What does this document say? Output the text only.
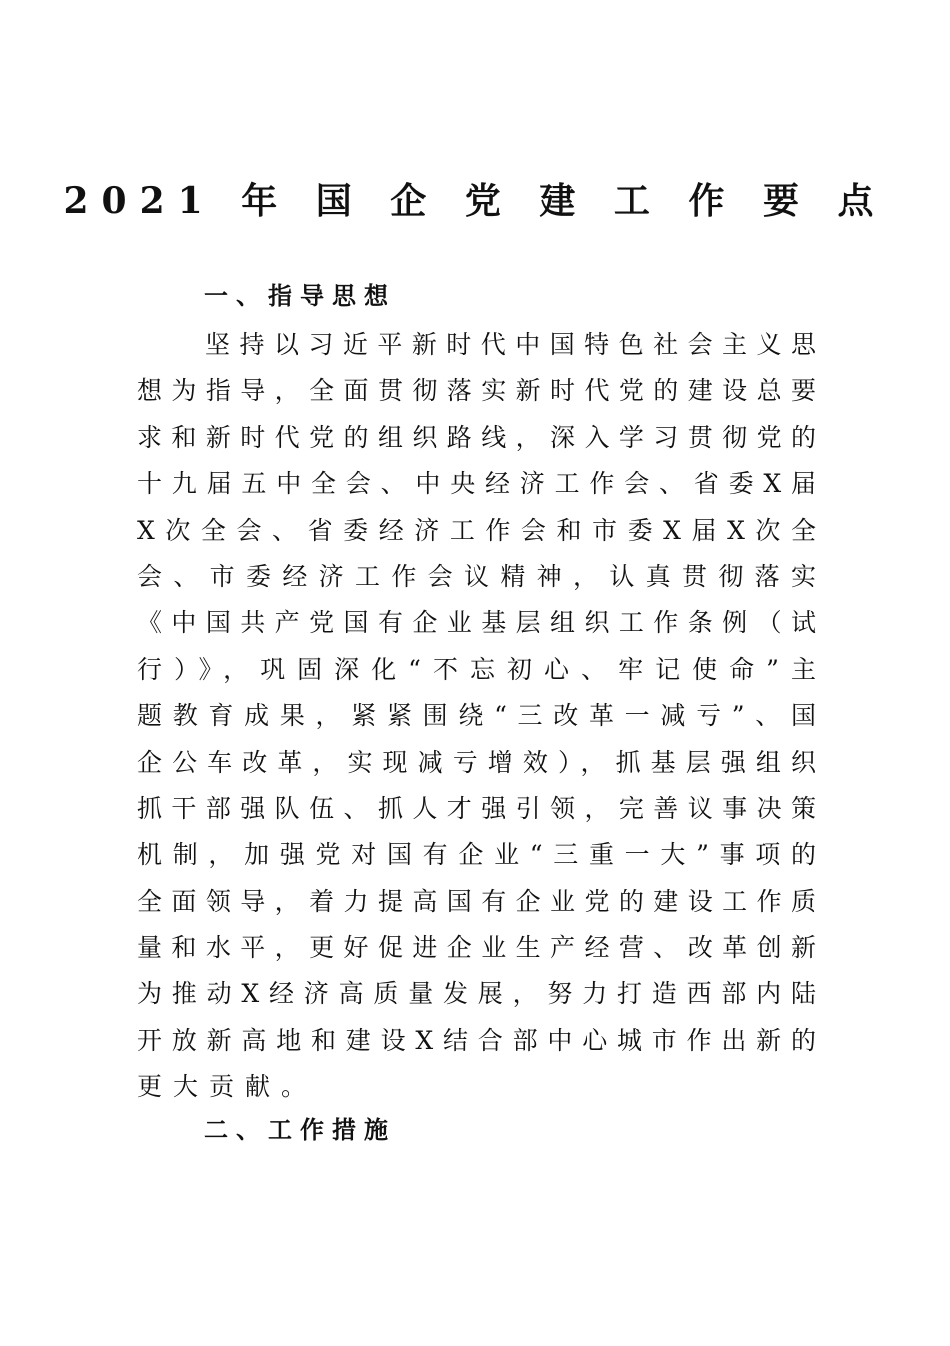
2021 年 国 企 党 建 工 作 要 点
一、指导思想
坚持以习近平新时代中国特色社会主义思
想为指导，全面贯彻落实新时代党的建设总要
求和新时代党的组织路线，深入学习贯彻党的
十九届五中全会、中央经济工作会、省委X届
X次全会、省委经济工作会和市委X届X次全
会、市委经济工作会议精神，认真贯彻落实
《中国共产党国有企业基层组织工作条例（试
行）》，巩固深化“不忘初心、牢记使命”主
题教育成果，紧紧围绕“三改革一减亏”、国
企公车改革，实现减亏增效），抓基层强组织
抓干部强队伍、抓人才强引领，完善议事决策
机制，加强党对国有企业“三重一大”事项的
全面领导，着力提高国有企业党的建设工作质
量和水平，更好促进企业生产经营、改革创新
为推动X经济高质量发展，努力打造西部内陆
开放新高地和建设X结合部中心城市作出新的
更大贡献。
二、工作措施
